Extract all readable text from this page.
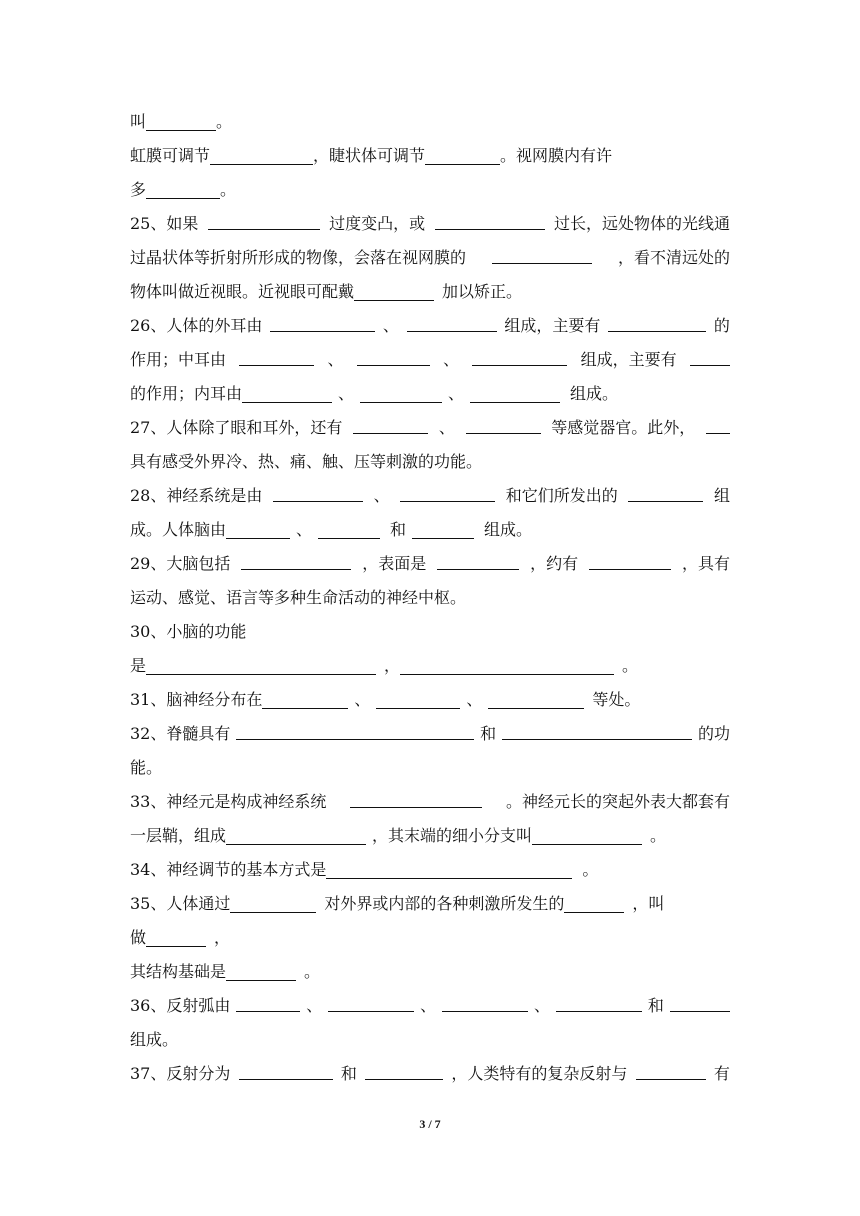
叫	。
虹膜可调节	，睫状体可调节	。视网膜内有许
多	。
25、如果	过度变凸，或	过长，远处物体的光线通
过晶状体等折射所形成的物像，会落在视网膜的	，看不清远处的
物体叫做近视眼。近视眼可配戴	加以矫正。
26、人体的外耳由	、	组成，主要有	的
作用；中耳由	、	、	组成，主要有
的作用；内耳由	、	、	组成。
27、人体除了眼和耳外，还有	、	等感觉器官。此外，
具有感受外界冷、热、痛、触、压等刺激的功能。
28、神经系统是由	、	和它们所发出的	组
成。人体脑由	、	和	组成。
29、大脑包括	，表面是	，约有	，具有
运动、感觉、语言等多种生命活动的神经中枢。
30、小脑的功能
是	，	。
31、脑神经分布在	、	、	等处。
32、脊髓具有	和	的功
能。
33、神经元是构成神经系统	。神经元长的突起外表大都套有
一层鞘，组成	，其末端的细小分支叫	。
34、神经调节的基本方式是	。
35、人体通过	对外界或内部的各种刺激所发生的	，叫
做	，
其结构基础是	。
36、反射弧由	、	、	、	和
组成。
37、反射分为	和	，人类特有的复杂反射与	有
3 / 7
